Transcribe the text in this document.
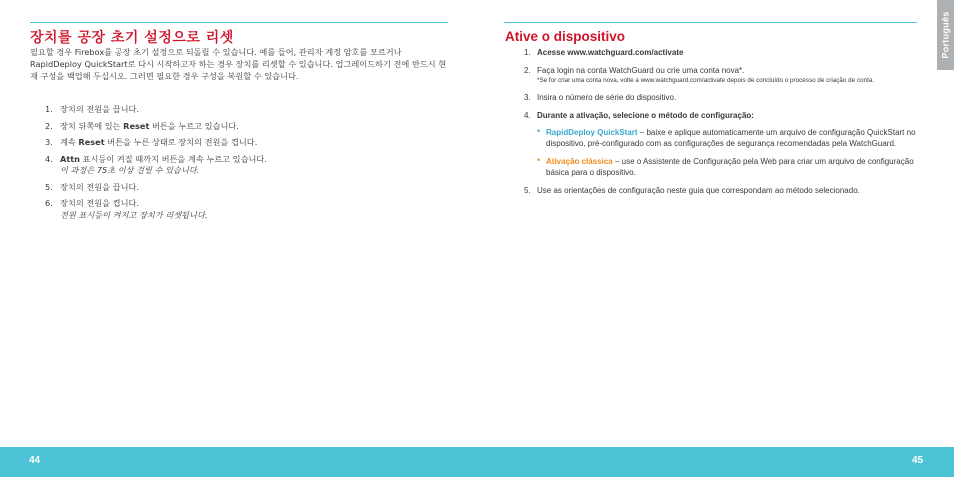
장치를 공장 초기 설정으로 리셋

필요할 경우 Firebox를 공장 초기 설정으로 되돌릴 수 있습니다. 예를 들어, 관리자 계정 암호를 모르거나 RapidDeploy QuickStart로 다시 시작하고자 하는 경우 장치를 리셋할 수 있습니다. 업그레이드하기 전에 반드시 현재 구성을 백업해 두십시오. 그러면 필요한 경우 구성을 복원할 수 있습니다.

1. 장치의 전원을 끕니다.
2. 장치 뒤쪽에 있는 Reset 버튼을 누르고 있습니다.
3. 계속 Reset 버튼을 누른 상태로 장치의 전원을 켭니다.
4. Attn 표시등이 켜질 때까지 버튼을 계속 누르고 있습니다.
이 과정은 75초 이상 걸릴 수 있습니다.
5. 장치의 전원을 끕니다.
6. 장치의 전원을 켭니다.
전원 표시등이 켜지고 장치가 리셋됩니다.
Ative o dispositivo
1. Acesse www.watchguard.com/activate
2. Faça login na conta WatchGuard ou crie uma conta nova*.
*Se for criar uma conta nova, volte a www.watchguard.com/activate depois de concluído o processo de criação de conta.
3. Insira o número de série do dispositivo.
4. Durante a ativação, selecione o método de configuração:
• RapidDeploy QuickStart – baixe e aplique automaticamente um arquivo de configuração QuickStart no dispositivo, pré-configurado com as configurações de segurança recomendadas pela WatchGuard.
• Ativação clássica – use o Assistente de Configuração pela Web para criar um arquivo de configuração básica para o dispositivo.
5. Use as orientações de configuração neste guia que correspondam ao método selecionado.
Português
44	45
